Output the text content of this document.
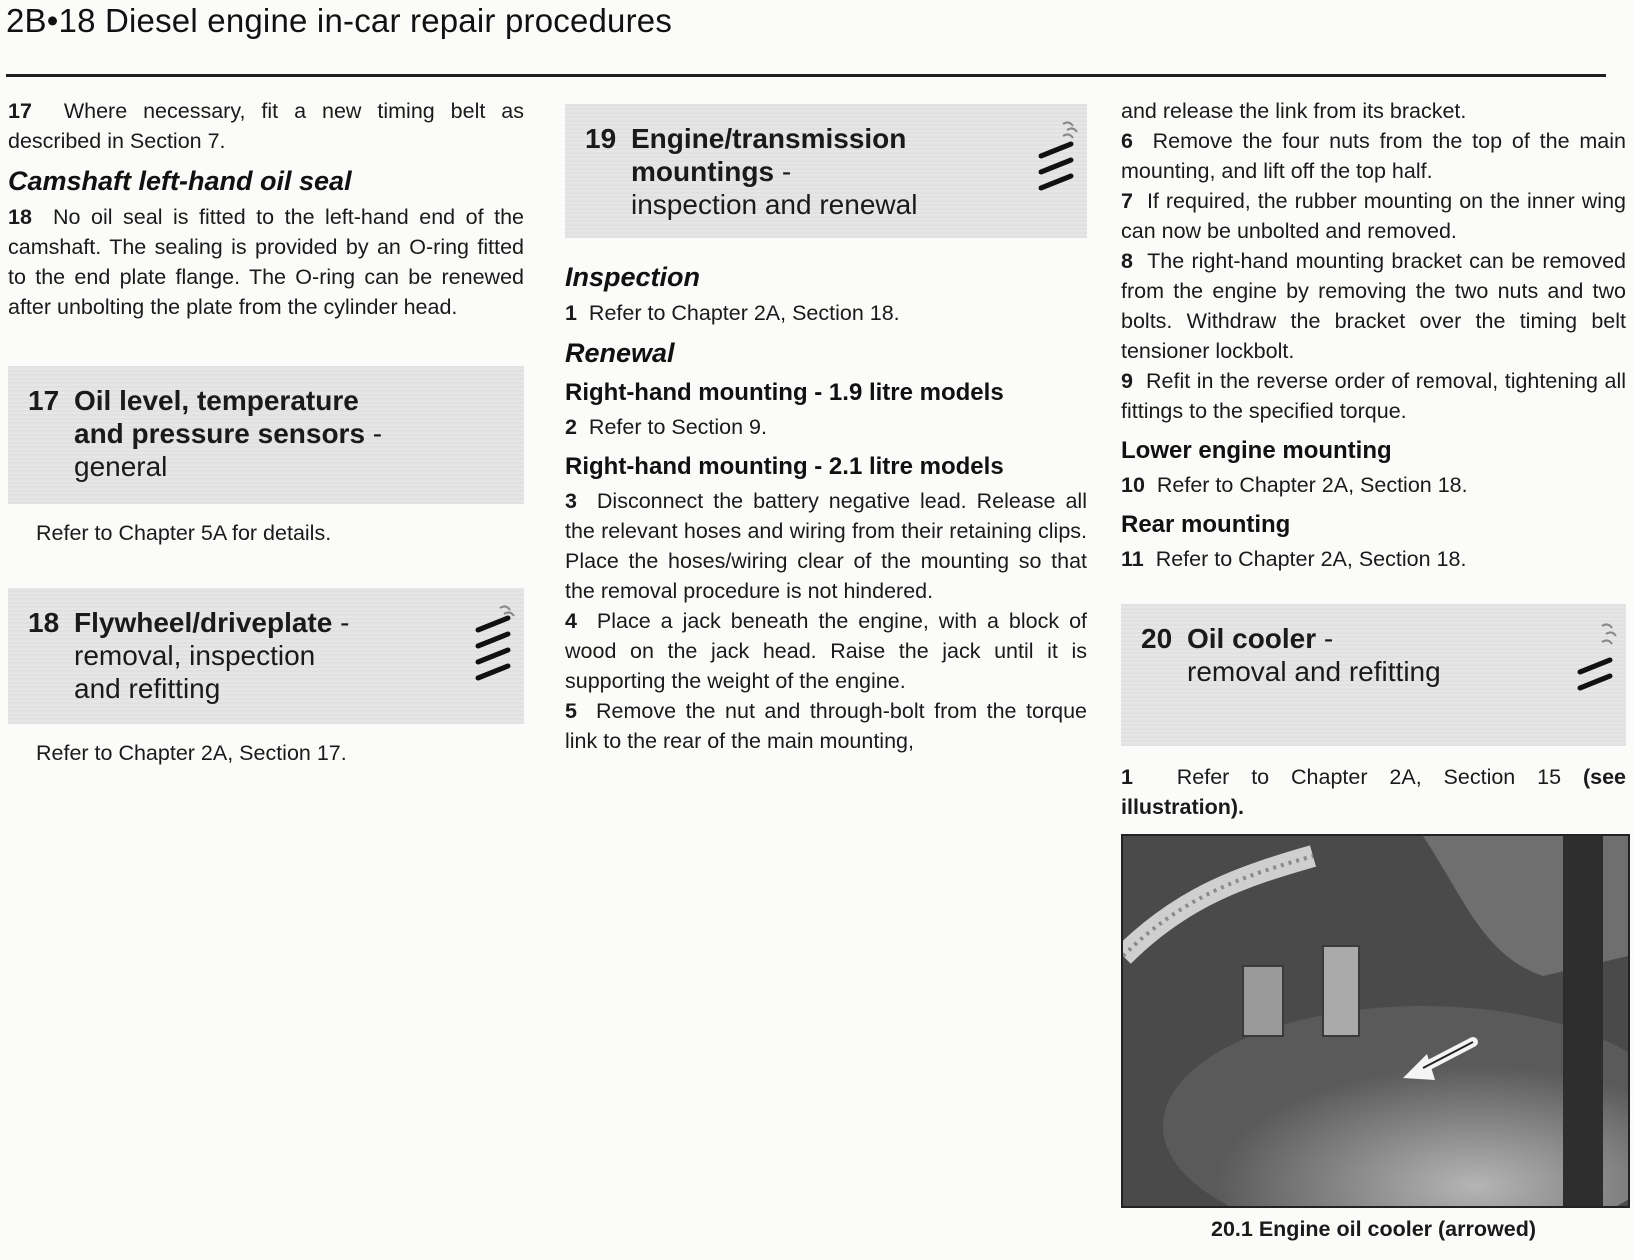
2B•18 Diesel engine in-car repair procedures

17 Where necessary, fit a new timing belt as described in Section 7.

Camshaft left-hand oil seal

18 No oil seal is fitted to the left-hand end of the camshaft. The sealing is provided by an O-ring fitted to the end plate flange. The O-ring can be renewed after unbolting the plate from the cylinder head.

17 Oil level, temperature
and pressure sensors -
general

Refer to Chapter 5A for details.

18 Flywheel/driveplate -
removal, inspection
and refitting

Refer to Chapter 2A, Section 17.

19 Engine/transmission
mountings -
inspection and renewal
Inspection

1 Refer to Chapter 2A, Section 18.

Renewal
Right-hand mounting - 1.9 litre models

2 Refer to Section 9.

Right-hand mounting - 2.1 litre models

3 Disconnect the battery negative lead. Release all the relevant hoses and wiring from their retaining clips. Place the hoses/wiring clear of the mounting so that the removal procedure is not hindered.

4 Place a jack beneath the engine, with a block of wood on the jack head. Raise the jack until it is supporting the weight of the engine.

5 Remove the nut and through-bolt from the torque link to the rear of the main mounting,

and release the link from its bracket.

6 Remove the four nuts from the top of the main mounting, and lift off the top half.

7 If required, the rubber mounting on the inner wing can now be unbolted and removed.

8 The right-hand mounting bracket can be removed from the engine by removing the two nuts and two bolts. Withdraw the bracket over the timing belt tensioner lockbolt.

9 Refit in the reverse order of removal, tightening all fittings to the specified torque.

Lower engine mounting

10 Refer to Chapter 2A, Section 18.

Rear mounting

11 Refer to Chapter 2A, Section 18.

20 Oil cooler -
removal and refitting

1 Refer to Chapter 2A, Section 15 (see illustration).

20.1 Engine oil cooler (arrowed)
